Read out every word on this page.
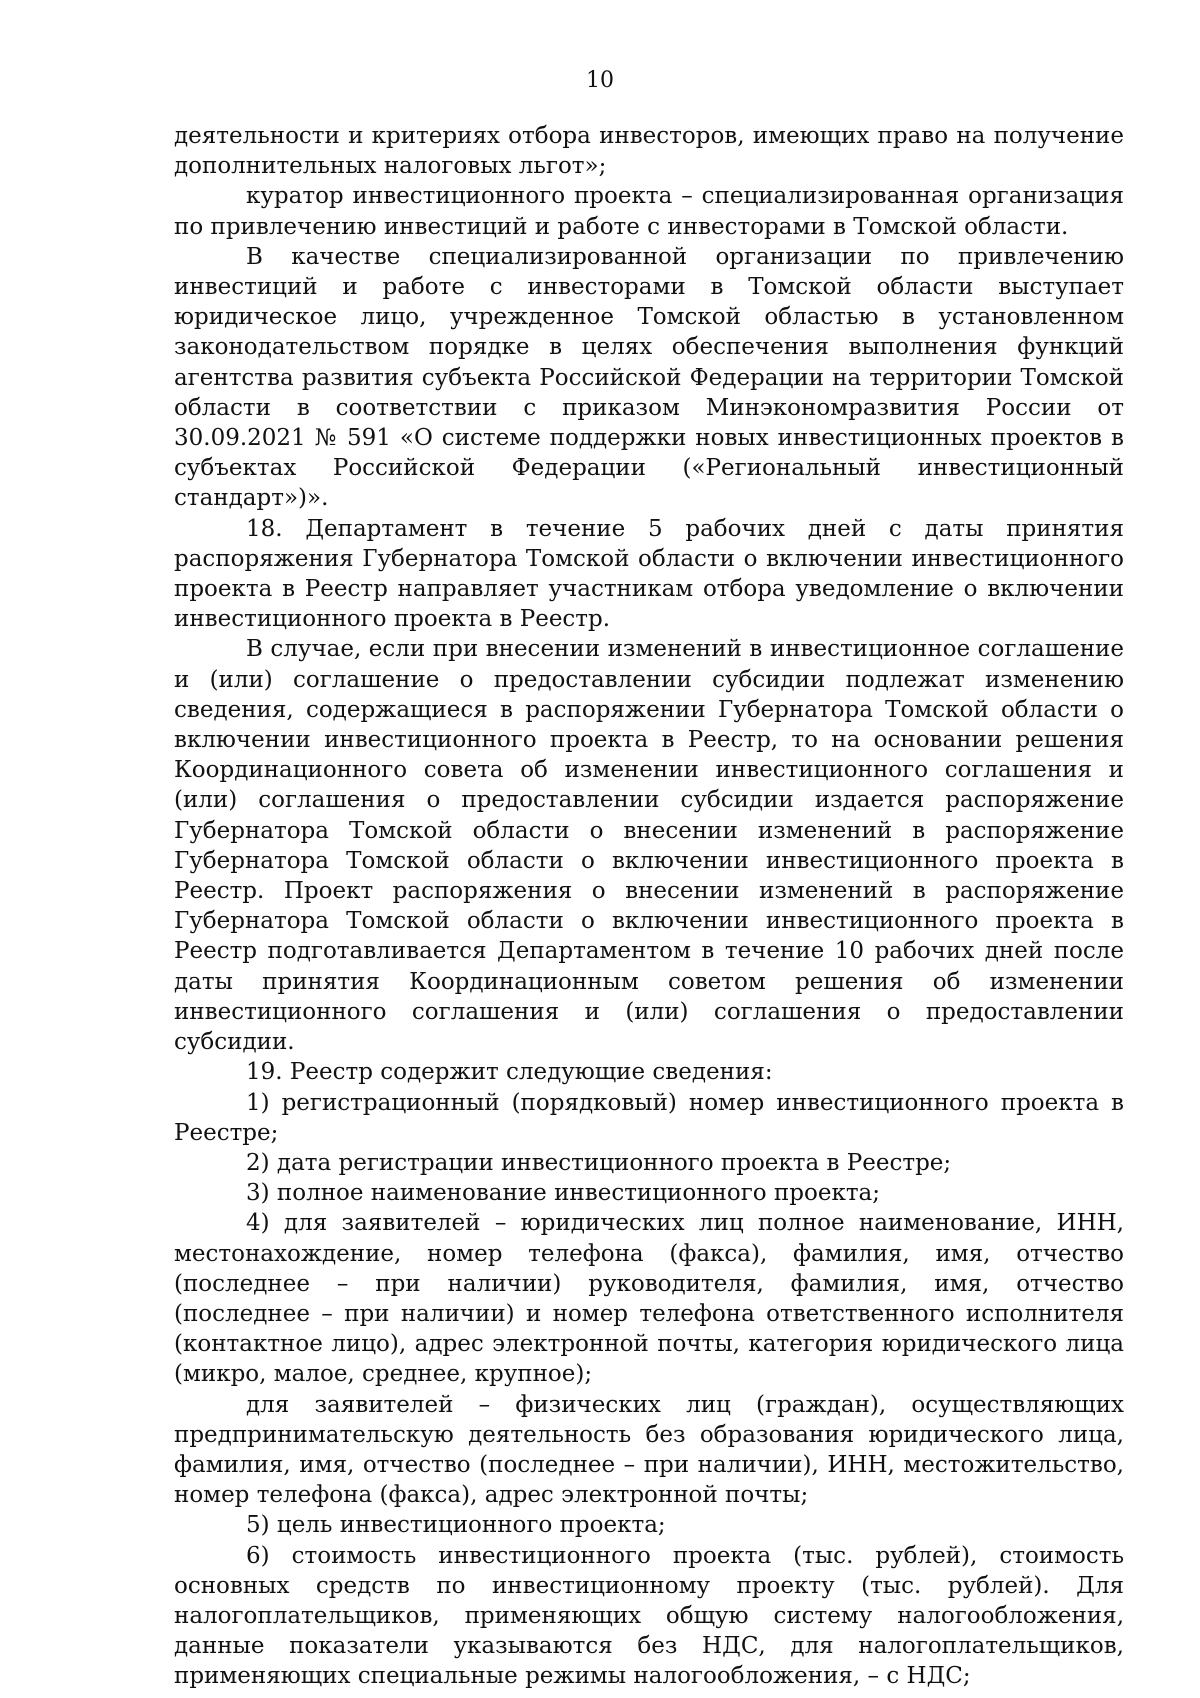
10

деятельности и критериях отбора инвесторов, имеющих право на получение дополнительных налоговых льгот»;

куратор инвестиционного проекта – специализированная организация по привлечению инвестиций и работе с инвесторами в Томской области.

В качестве специализированной организации по привлечению инвестиций и работе с инвесторами в Томской области выступает юридическое лицо, учрежденное Томской областью в установленном законодательством порядке в целях обеспечения выполнения функций агентства развития субъекта Российской Федерации на территории Томской области в соответствии с приказом Минэкономразвития России от 30.09.2021 № 591 «О системе поддержки новых инвестиционных проектов в субъектах Российской Федерации («Региональный инвестиционный стандарт»)».

18. Департамент в течение 5 рабочих дней с даты принятия распоряжения Губернатора Томской области о включении инвестиционного проекта в Реестр направляет участникам отбора уведомление о включении инвестиционного проекта в Реестр.

В случае, если при внесении изменений в инвестиционное соглашение и (или) соглашение о предоставлении субсидии подлежат изменению сведения, содержащиеся в распоряжении Губернатора Томской области о включении инвестиционного проекта в Реестр, то на основании решения Координационного совета об изменении инвестиционного соглашения и (или) соглашения о предоставлении субсидии издается распоряжение Губернатора Томской области о внесении изменений в распоряжение Губернатора Томской области о включении инвестиционного проекта в Реестр. Проект распоряжения о внесении изменений в распоряжение Губернатора Томской области о включении инвестиционного проекта в Реестр подготавливается Департаментом в течение 10 рабочих дней после даты принятия Координационным советом решения об изменении инвестиционного соглашения и (или) соглашения о предоставлении субсидии.

19. Реестр содержит следующие сведения:

1) регистрационный (порядковый) номер инвестиционного проекта в Реестре;

2) дата регистрации инвестиционного проекта в Реестре;

3) полное наименование инвестиционного проекта;

4) для заявителей – юридических лиц полное наименование, ИНН, местонахождение, номер телефона (факса), фамилия, имя, отчество (последнее – при наличии) руководителя, фамилия, имя, отчество (последнее – при наличии) и номер телефона ответственного исполнителя (контактное лицо), адрес электронной почты, категория юридического лица (микро, малое, среднее, крупное);

для заявителей – физических лиц (граждан), осуществляющих предпринимательскую деятельность без образования юридического лица, фамилия, имя, отчество (последнее – при наличии), ИНН, местожительство, номер телефона (факса), адрес электронной почты;

5) цель инвестиционного проекта;

6) стоимость инвестиционного проекта (тыс. рублей), стоимость основных средств по инвестиционному проекту (тыс. рублей). Для налогоплательщиков, применяющих общую систему налогообложения, данные показатели указываются без НДС, для налогоплательщиков, применяющих специальные режимы налогообложения, – с НДС;
